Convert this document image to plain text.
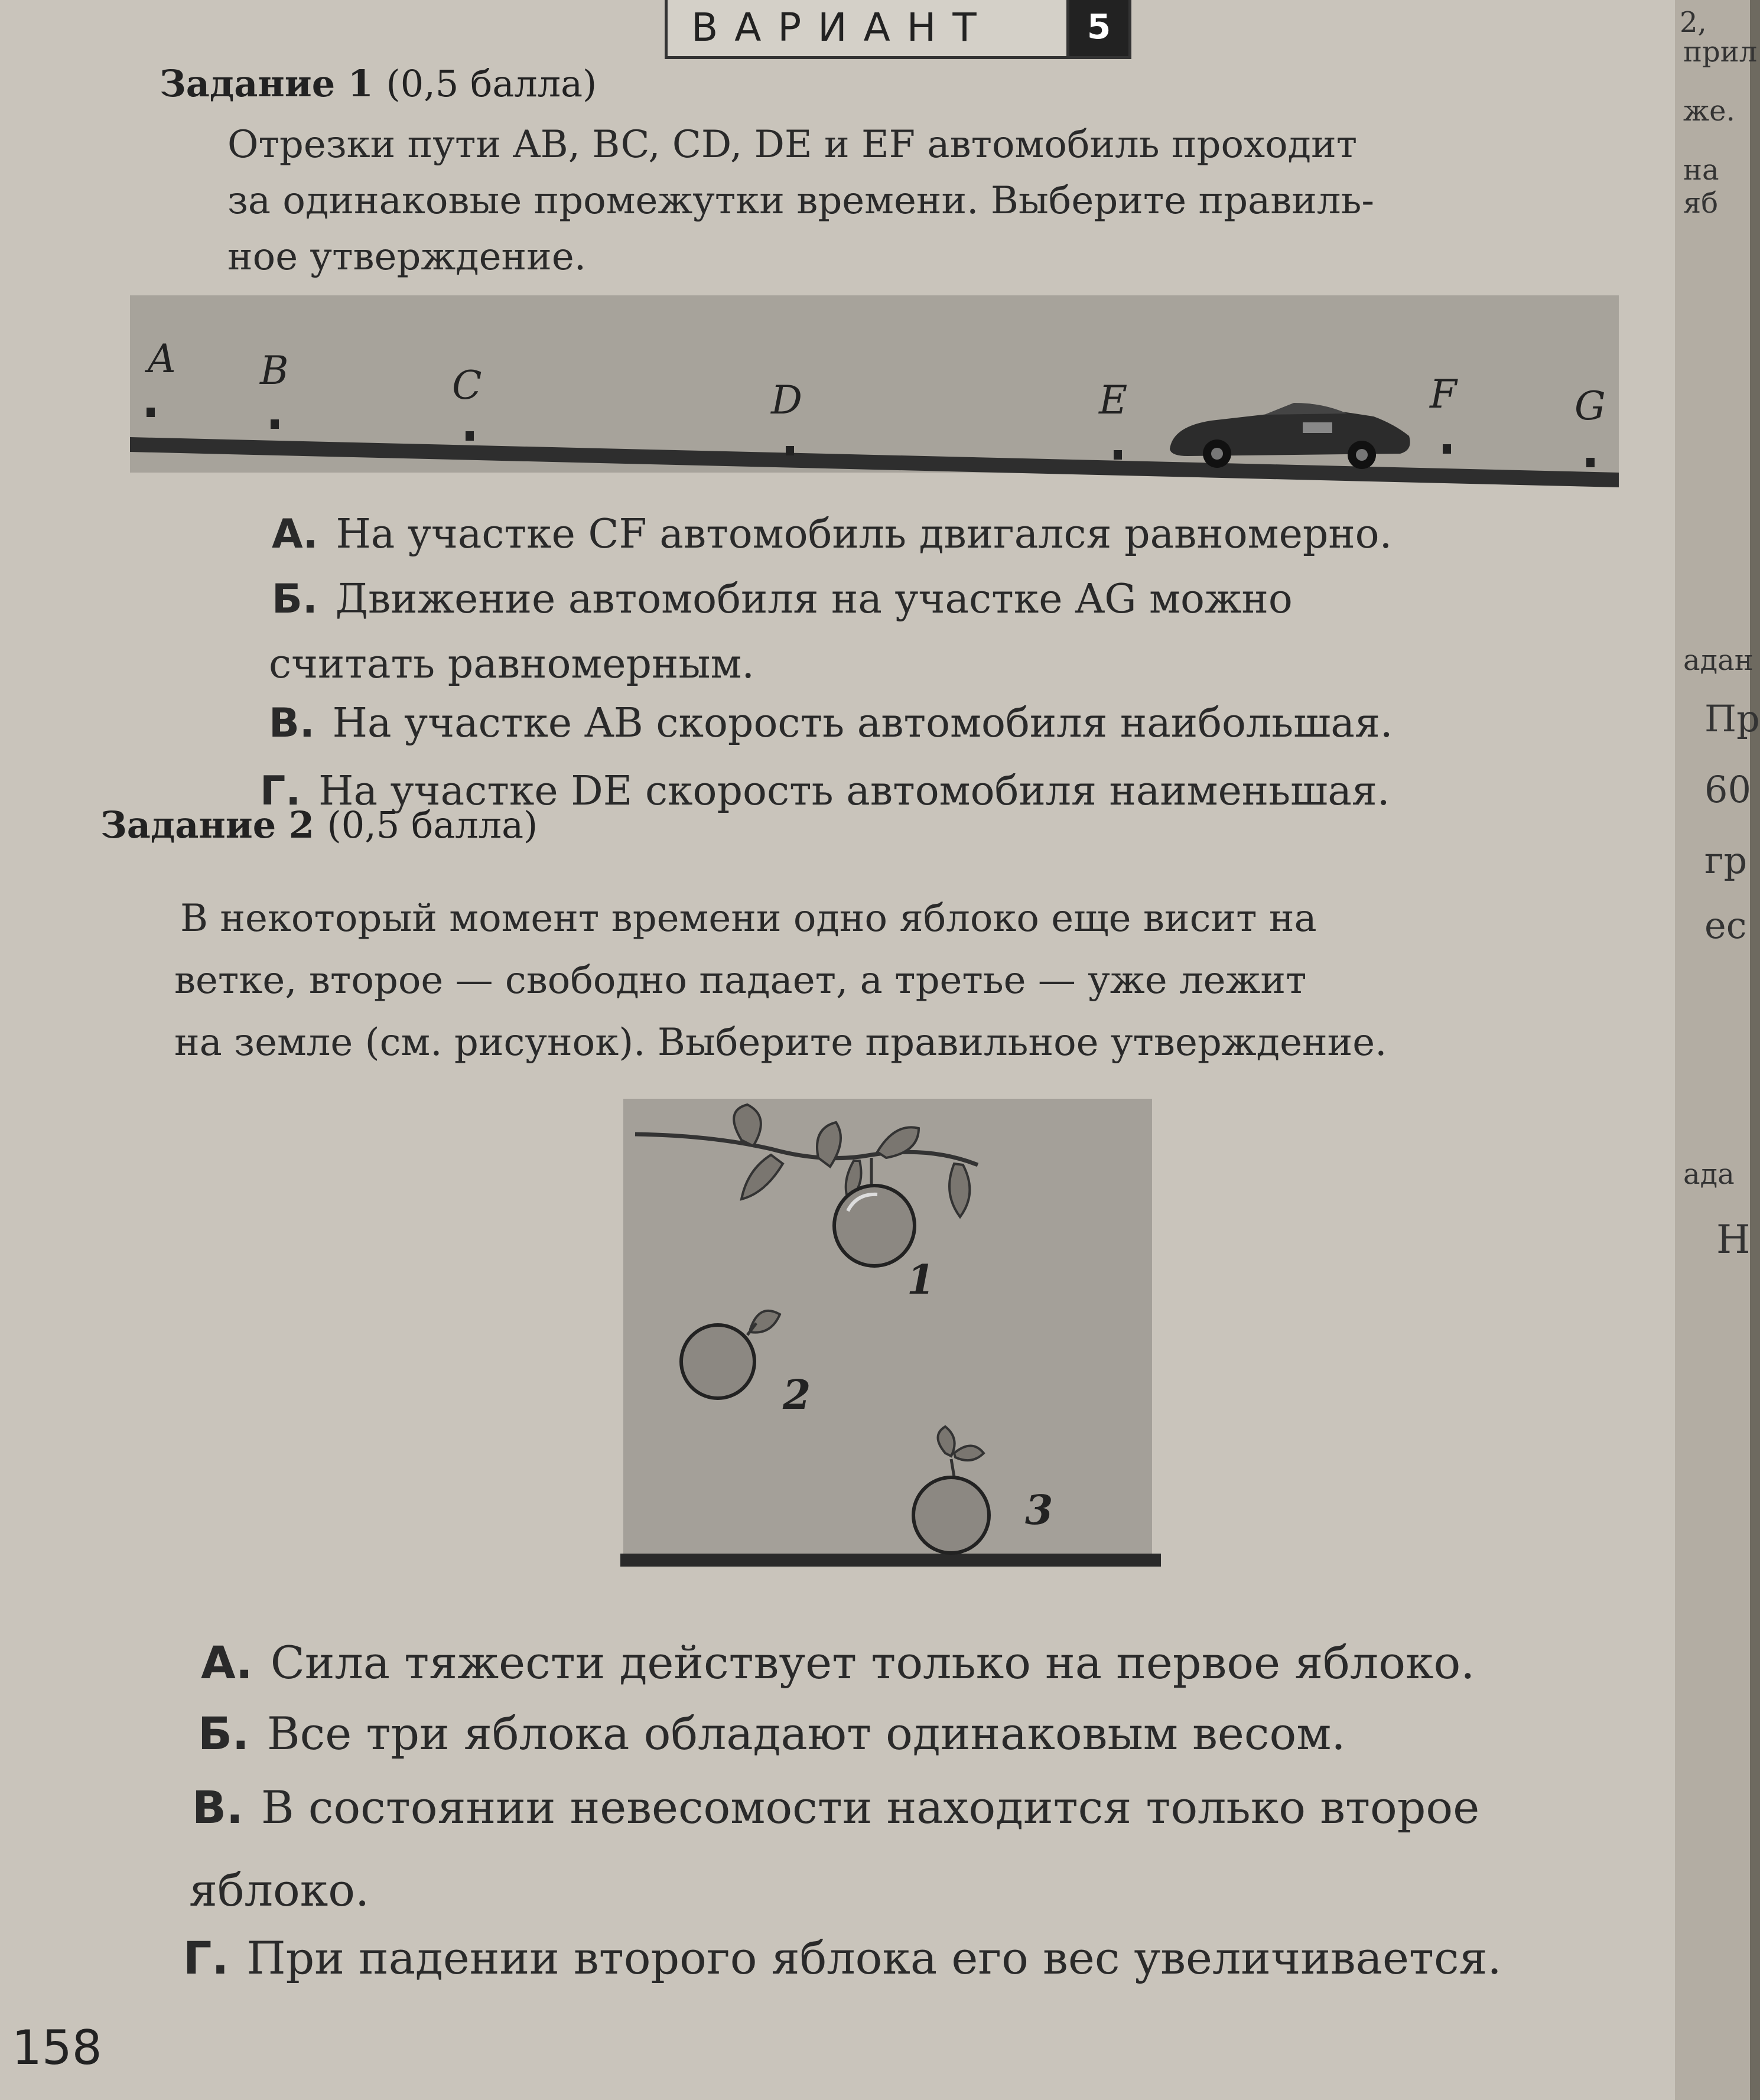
2,
прил
же.
на яб
адан
Пр
60
гр
ес
ада
Н
ВАРИАНТ	5
Задание 1 (0,5 балла)
Отрезки пути AB, BC, CD, DE и EF автомобиль проходит
за одинаковые промежутки времени. Выберите правиль-
ное утверждение.
A B	C	D	E	F	G
А. На участке CF автомобиль двигался равномерно.
Б. Движение автомобиля на участке AG можно
считать равномерным.
В. На участке AB скорость автомобиля наибольшая.
Г. На участке DE скорость автомобиля наименьшая.
Задание 2 (0,5 балла)
В некоторый момент времени одно яблоко еще висит на
ветке, второе — свободно падает, а третье — уже лежит
на земле (см. рисунок). Выберите правильное утверждение.
1
2
3
А. Сила тяжести действует только на первое яблоко.
Б. Все три яблока обладают одинаковым весом.
В. В состоянии невесомости находится только второе
яблоко.
Г. При падении второго яблока его вес увеличивается.
158
